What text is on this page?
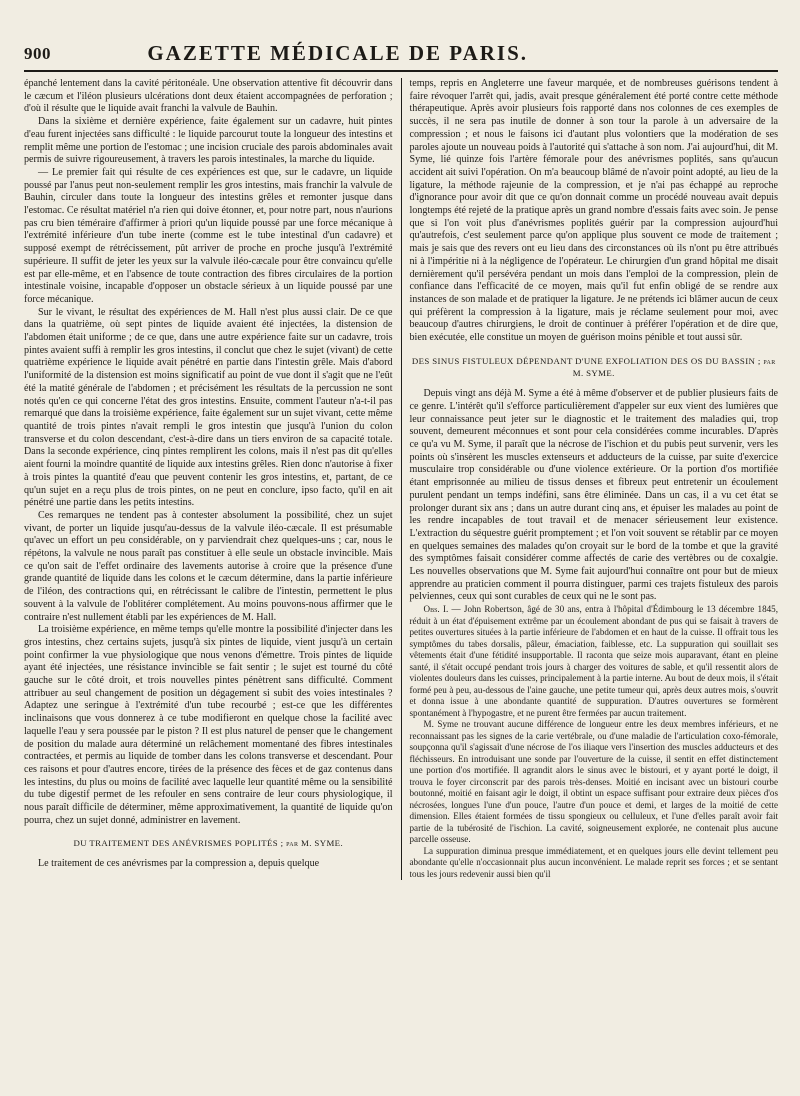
900	GAZETTE MÉDICALE DE PARIS.

épanché lentement dans la cavité péritonéale. Une observation attentive fit découvrir dans le cæcum et l'iléon plusieurs ulcérations dont deux étaient accompagnées de perforation ; d'où il résulte que le liquide avait franchi la valvule de Bauhin.

Dans la sixième et dernière expérience, faite également sur un cadavre, huit pintes d'eau furent injectées sans difficulté : le liquide parcourut toute la longueur des intestins et remplit même une portion de l'estomac ; une incision cruciale des parois abdominales avait permis de suivre rigoureusement, à travers les parois intestinales, la marche du liquide.

— Le premier fait qui résulte de ces expériences est que, sur le cadavre, un liquide poussé par l'anus peut non-seulement remplir les gros intestins, mais franchir la valvule de Bauhin, circuler dans toute la longueur des intestins grêles et remonter jusque dans l'estomac. Ce résultat matériel n'a rien qui doive étonner, et, pour notre part, nous n'aurions pas cru bien téméraire d'affirmer à priori qu'un liquide poussé par une force mécanique à l'extrémité inférieure d'un tube inerte (comme est le tube intestinal d'un cadavre) et supposé exempt de rétrécissement, pût arriver de proche en proche jusqu'à l'extrémité supérieure. Il suffit de jeter les yeux sur la valvule iléo-cæcale pour être convaincu qu'elle est par elle-même, et en l'absence de toute contraction des fibres circulaires de la portion intestinale voisine, incapable d'opposer un obstacle sérieux à un liquide poussé par une force mécanique.

Sur le vivant, le résultat des expériences de M. Hall n'est plus aussi clair. De ce que dans la quatrième, où sept pintes de liquide avaient été injectées, la distension de l'abdomen était uniforme ; de ce que, dans une autre expérience faite sur un cadavre, trois pintes avaient suffi à remplir les gros intestins, il conclut que chez le sujet (vivant) de cette quatrième expérience le liquide avait pénétré en partie dans l'intestin grêle. Mais d'abord l'uniformité de la distension est moins significatif au point de vue dont il s'agit que ne l'eût été la matité générale de l'abdomen ; et précisément les résultats de la percussion ne sont notés qu'en ce qui concerne l'état des gros intestins. Ensuite, comment l'auteur n'a-t-il pas remarqué que dans la troisième expérience, faite également sur un sujet vivant, cette même quantité de trois pintes n'avait rempli le gros intestin que jusqu'à l'union du colon transverse et du colon descendant, c'est-à-dire dans un tiers environ de sa capacité totale. Dans la seconde expérience, cinq pintes remplirent les colons, mais il n'est pas dit qu'elles aient fourni la moindre quantité de liquide aux intestins grêles. Rien donc n'autorise à fixer à trois pintes la quantité d'eau que peuvent contenir les gros intestins, et, partant, de ce qu'un sujet en a reçu plus de trois pintes, on ne peut en conclure, ipso facto, qu'il en ait pénétré une partie dans les petits intestins.

Ces remarques ne tendent pas à contester absolument la possibilité, chez un sujet vivant, de porter un liquide jusqu'au-dessus de la valvule iléo-cæcale. Il est présumable qu'avec un effort un peu considérable, on y parviendrait chez quelques-uns ; car, nous le répétons, la valvule ne nous paraît pas constituer à elle seule un obstacle invincible. Mais ce qu'on sait de l'effet ordinaire des lavements autorise à croire que la présence d'une grande quantité de liquide dans les colons et le cæcum détermine, dans la partie inférieure de l'iléon, des contractions qui, en rétrécissant le calibre de l'intestin, permettent le plus souvent à la valvule de l'oblitérer complétement. Au moins pouvons-nous affirmer que le contraire n'est nullement établi par les expériences de M. Hall.

La troisième expérience, en même temps qu'elle montre la possibilité d'injecter dans les gros intestins, chez certains sujets, jusqu'à six pintes de liquide, vient jusqu'à un certain point confirmer la vue physiologique que nous venons d'émettre. Trois pintes de liquide ayant été injectées, une résistance invincible se fait sentir ; le sujet est tourné du côté gauche sur le côté droit, et trois nouvelles pintes pénètrent sans difficulté. Comment attribuer au seul changement de position un dégagement si subit des voies intestinales ? Adaptez une seringue à l'extrémité d'un tube recourbé ; est-ce que les différentes inclinaisons que vous donnerez à ce tube modifieront en quelque chose la facilité avec laquelle l'eau y sera poussée par le piston ? Il est plus naturel de penser que le changement de position du malade aura déterminé un relâchement momentané des fibres intestinales contractées, et permis au liquide de tomber dans les colons transverse et descendant. Pour ces raisons et pour d'autres encore, tirées de la présence des fèces et de gaz contenus dans les intestins, du plus ou moins de facilité avec laquelle leur quantité même ou la sensibilité du tube digestif permet de les refouler en sens contraire de leur cours physiologique, il nous paraît difficile de déterminer, même approximativement, la quantité de liquide qu'on pourra, chez un sujet donné, administrer en lavement.

DU TRAITEMENT DES ANÉVRISMES POPLITÉS ; par M. SYME.

Le traitement de ces anévrismes par la compression a, depuis quelque

temps, repris en Angleterre une faveur marquée, et de nombreuses guérisons tendent à faire révoquer l'arrêt qui, jadis, avait presque généralement été porté contre cette méthode thérapeutique. Après avoir plusieurs fois rapporté dans nos colonnes de ces exemples de succès, il ne sera pas inutile de donner à son tour la parole à un adversaire de la compression ; et nous le faisons ici d'autant plus volontiers que la modération de ses paroles ajoute un nouveau poids à l'autorité qui s'attache à son nom. J'ai aujourd'hui, dit M. Syme, lié quinze fois l'artère fémorale pour des anévrismes poplités, sans qu'aucun accident ait suivi l'opération. On m'a beaucoup blâmé de n'avoir point adopté, au lieu de la ligature, la méthode rajeunie de la compression, et je n'ai pas échappé au reproche d'ignorance pour avoir dit que ce qu'on donnait comme un procédé nouveau avait depuis longtemps été rejeté de la pratique après un grand nombre d'essais faits avec soin. Je pense que si l'on voit plus d'anévrismes poplités guérir par la compression aujourd'hui qu'autrefois, c'est seulement parce qu'on applique plus souvent ce mode de traitement ; mais je sais que des revers ont eu lieu dans des circonstances où ils n'ont pu être attribués ni à l'impéritie ni à la négligence de l'opérateur. Le chirurgien d'un grand hôpital me disait dernièrement qu'il persévéra pendant un mois dans l'emploi de la compression, plein de confiance dans l'efficacité de ce moyen, mais qu'il fut enfin obligé de se rendre aux instances de son malade et de pratiquer la ligature. Je ne prétends ici blâmer aucun de ceux qui préfèrent la compression à la ligature, mais je réclame seulement pour moi, avec beaucoup d'autres chirurgiens, le droit de continuer à préférer l'opération et de dire que, bien exécutée, elle constitue un moyen de guérison moins pénible et tout aussi sûr.

DES SINUS FISTULEUX DÉPENDANT D'UNE EXFOLIATION DES OS DU BASSIN ; par M. SYME.

Depuis vingt ans déjà M. Syme a été à même d'observer et de publier plusieurs faits de ce genre. L'intérêt qu'il s'efforce particulièrement d'appeler sur eux vient des lumières que leur connaissance peut jeter sur le diagnostic et le traitement des maladies qui, trop souvent, demeurent méconnues et sont pour cela considérées comme incurables. D'après ce qu'a vu M. Syme, il paraît que la nécrose de l'ischion et du pubis peut survenir, vers les points où s'insèrent les muscles extenseurs et adducteurs de la cuisse, par suite d'exercice musculaire trop considérable ou d'une violence extérieure. Or la portion d'os mortifiée étant emprisonnée au milieu de tissus denses et fibreux peut entretenir un écoulement purulent pendant un temps indéfini, sans être éliminée. Dans un cas, il a vu cet état se prolonger durant six ans ; dans un autre durant cinq ans, et épuiser les malades au point de les rendre incapables de tout travail et de menacer sérieusement leur existence. L'extraction du séquestre guérit promptement ; et l'on voit souvent se rétablir par ce moyen en quelques semaines des malades qu'on croyait sur le bord de la tombe et que la gravité des symptômes faisait considérer comme affectés de carie des vertèbres ou de coxalgie. Les nouvelles observations que M. Syme fait aujourd'hui connaître ont pour but de mieux apprendre au praticien comment il pourra distinguer, parmi ces trajets fistuleux des parois pelviennes, ceux qui sont curables de ceux qui ne le sont pas.

Obs. I. — John Robertson, âgé de 30 ans, entra à l'hôpital d'Édimbourg le 13 décembre 1845, réduit à un état d'épuisement extrême par un écoulement abondant de pus qui se faisait à travers de petites ouvertures situées à la partie inférieure de l'abdomen et en haut de la cuisse. Il offrait tous les symptômes du tabes dorsalis, pâleur, émaciation, faiblesse, etc. La suppuration qui souillait ses vêtements était d'une fétidité insupportable. Il raconta que seize mois auparavant, étant en pleine santé, il s'était occupé pendant trois jours à charger des voitures de sable, et qu'il ressentit alors de violentes douleurs dans les cuisses, principalement à la partie interne. Au bout de deux mois, il s'était formé peu à peu, au-dessous de l'aine gauche, une petite tumeur qui, après deux autres mois, s'ouvrit et donna issue à une abondante quantité de suppuration. D'autres ouvertures se formèrent spontanément à l'hypogastre, et ne purent être fermées par aucun traitement.

M. Syme ne trouvant aucune différence de longueur entre les deux membres inférieurs, et ne reconnaissant pas les signes de la carie vertébrale, ou d'une maladie de l'articulation coxo-fémorale, soupçonna qu'il s'agissait d'une nécrose de l'os iliaque vers l'insertion des muscles adducteurs et des fléchisseurs. En introduisant une sonde par l'ouverture de la cuisse, il sentit en effet distinctement une portion d'os mortifiée. Il agrandit alors le sinus avec le bistouri, et y ayant porté le doigt, il trouva le foyer circonscrit par des parois très-denses. Moitié en incisant avec un bistouri courbe boutonné, moitié en faisant agir le doigt, il obtint un espace suffisant pour extraire deux pièces d'os nécrosées, longues l'une d'un pouce, l'autre d'un pouce et demi, et larges de la moitié de cette dimension. Elles étaient formées de tissu spongieux ou celluleux, et l'une d'elles paraît avoir fait partie de la tubérosité de l'ischion. La cavité, soigneusement explorée, ne contenait plus aucune parcelle osseuse.

La suppuration diminua presque immédiatement, et en quelques jours elle devint tellement peu abondante qu'elle n'occasionnait plus aucun inconvénient. Le malade reprit ses forces ; et se sentant tous les jours redevenir aussi bien qu'il
